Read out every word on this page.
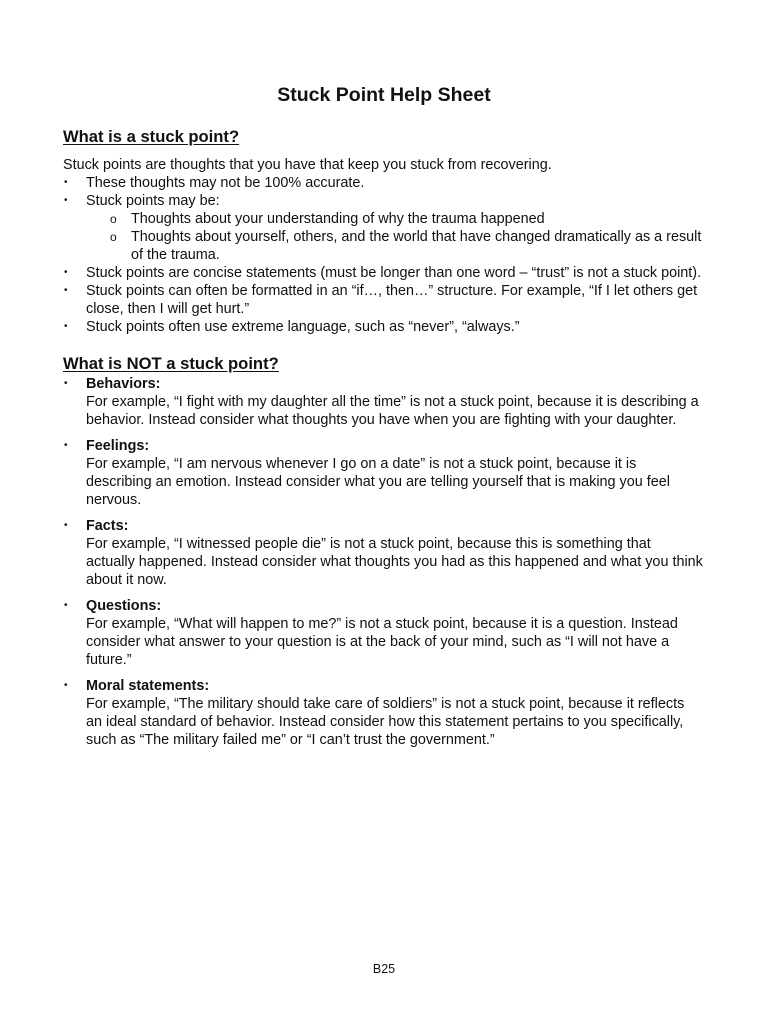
Stuck Point Help Sheet
What is a stuck point?

Stuck points are thoughts that you have that keep you stuck from recovering.

• These thoughts may not be 100% accurate.
• Stuck points may be:
o Thoughts about your understanding of why the trauma happened
o Thoughts about yourself, others, and the world that have changed dramatically as a result of the trauma.
• Stuck points are concise statements (must be longer than one word – “trust” is not a stuck point).
• Stuck points can often be formatted in an “if…, then…” structure. For example, “If I let others get close, then I will get hurt.”
• Stuck points often use extreme language, such as “never”, “always.”
What is NOT a stuck point?
• Behaviors:
For example, “I fight with my daughter all the time” is not a stuck point, because it is describing a behavior. Instead consider what thoughts you have when you are fighting with your daughter.
• Feelings:
For example, “I am nervous whenever I go on a date” is not a stuck point, because it is describing an emotion. Instead consider what you are telling yourself that is making you feel nervous.
• Facts:
For example, “I witnessed people die” is not a stuck point, because this is something that actually happened. Instead consider what thoughts you had as this happened and what you think about it now.
• Questions:
For example, “What will happen to me?” is not a stuck point, because it is a question. Instead consider what answer to your question is at the back of your mind, such as “I will not have a future.”
• Moral statements:
For example, “The military should take care of soldiers” is not a stuck point, because it reflects an ideal standard of behavior. Instead consider how this statement pertains to you specifically, such as “The military failed me” or “I can’t trust the government.”
B25
